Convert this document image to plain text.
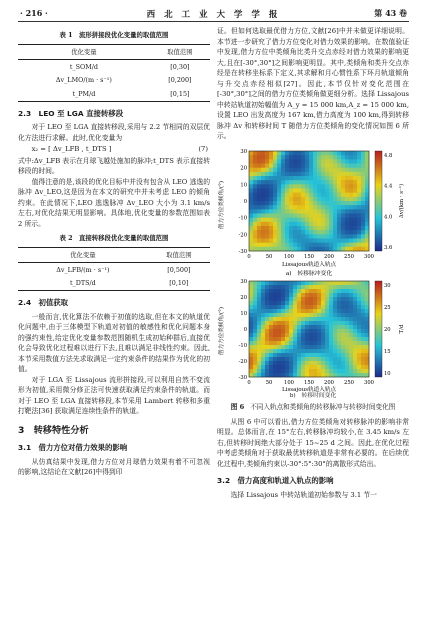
· 216 ·	西 北 工 业 大 学 学 报	第 43 卷
表 1　流形拼接段优化变量的取值范围
优化变量	取值范围
t_SOM/d	[0,30]
Δv_LMO/(m · s⁻¹)	[0,200]
t_PM/d	[0,15]
2.3　LEO 至 LGA 直接转移段

对于 LEO 至 LGA 直接转移段,采用与 2.2 节相同的双层优化方法进行求解。此时,优化变量为

x₂ = [ Δv_LFB , t_DTS ]	(7)

式中:Δv_LFB 表示在月球飞越处施加的脉冲;t_DTS 表示直接转移段的时间。

值得注意的是,该段的优化目标中并没有包含从 LEO 逃逸的脉冲 Δv_LEO,这是因为在本文的研究中并未考虑 LEO 的倾角约束。在此情况下,LEO 逃逸脉冲 Δv_LEO 大小为 3.1 km/s 左右,对优化结果无明显影响。具体地,优化变量的参数范围如表 2 所示。

表 2　直接转移段优化变量的取值范围
优化变量	取值范围
Δv_LFB/(m · s⁻¹)	[0,500]
t_DTS/d	[0,10]
2.4　初值获取

一般而言,优化算法不依赖于初值的选取,但在本文的轨道优化问题中,由于三体模型下轨道对初值的敏感性和优化问题本身的强约束性,给定优化变量参数范围随机生成初始种群后,直接优化会导致优化过程难以进行下去,且难以满足非线性约束。因此,本节采用数值方法先求取满足一定约束条件的结果作为优化的初值。

对于 LGA 至 Lissajous 流形拼接段,可以利用自然不变流形为初值,采用微分修正法可快速获取满足约束条件的轨道。而对于 LEO 至 LGA 直接转移段,本节采用 Lambert 转移和多重打靶法[36] 获取满足连续性条件的轨道。

3　转移特性分析
3.1　借力方位对借力效果的影响

从仿真结果中发现,借力方位对月球借力效果有着不可忽视的影响,这结论在文献[26]中得到印

证。但如何选取最优借力方位,文献[26]中并未做更详细说明。本节进一步研究了借力方位变化对借力效果的影响。在数值验证中发现,借力方位中类倾角比类升交点赤经对借力效果的影响更大,且在[-30°,30°]之间影响更明显。其中,类倾角和类升交点赤经是在转移坐标系下定义,其求解和月心惯性系下环月轨道倾角与升交点赤经相似[27]。因此,本节仅针对变化范围在[-30°,30°]之间的借力方位类倾角做更细分析。选择 Lissajous 中转站轨道初始幅值为 A_y = 15 000 km,A_z = 15 000 km,设置 LEO 出发高度为 167 km,借力高度为 100 km,得到转移脉冲 Δv 和转移时间 T 随借力方位类倾角的变化情况如图 6 所示。

借力方位类倾角/(°)
30
20
10
0
-10
-20
-30
0	50 100 150 200 250 300
Lissajous轨道入轨点
a)　转移脉冲变化
4.8
4.4
4.0
3.6
Δv/(km · s⁻¹)
借力方位类倾角/(°)
30
20
10
0
-10
-20
-30
0	50 100 150 200 250 300
Lissajous轨道入轨点
30
25
20
15
10
T/d
b)　转移时间变化
图 6 不同入轨点和类倾角的转移脉冲与转移时间变化图

从图 6 中可以看出,借力方位类倾角对转移脉冲的影响非常明显。总体而言,在 15°左右,转移脉冲均较小,在 3.45 km/s 左右,但转移时间绝大部分处于 15~25 d 之间。因此,在优化过程中考虑类倾角对于获取最优转移轨道是非常有必要的。在后续优化过程中,类倾角约束以-30°:5°:30°的离散形式给出。

3.2　借力高度和轨道入轨点的影响

选择 Lissajous 中转站轨道初始参数与 3.1 节一
